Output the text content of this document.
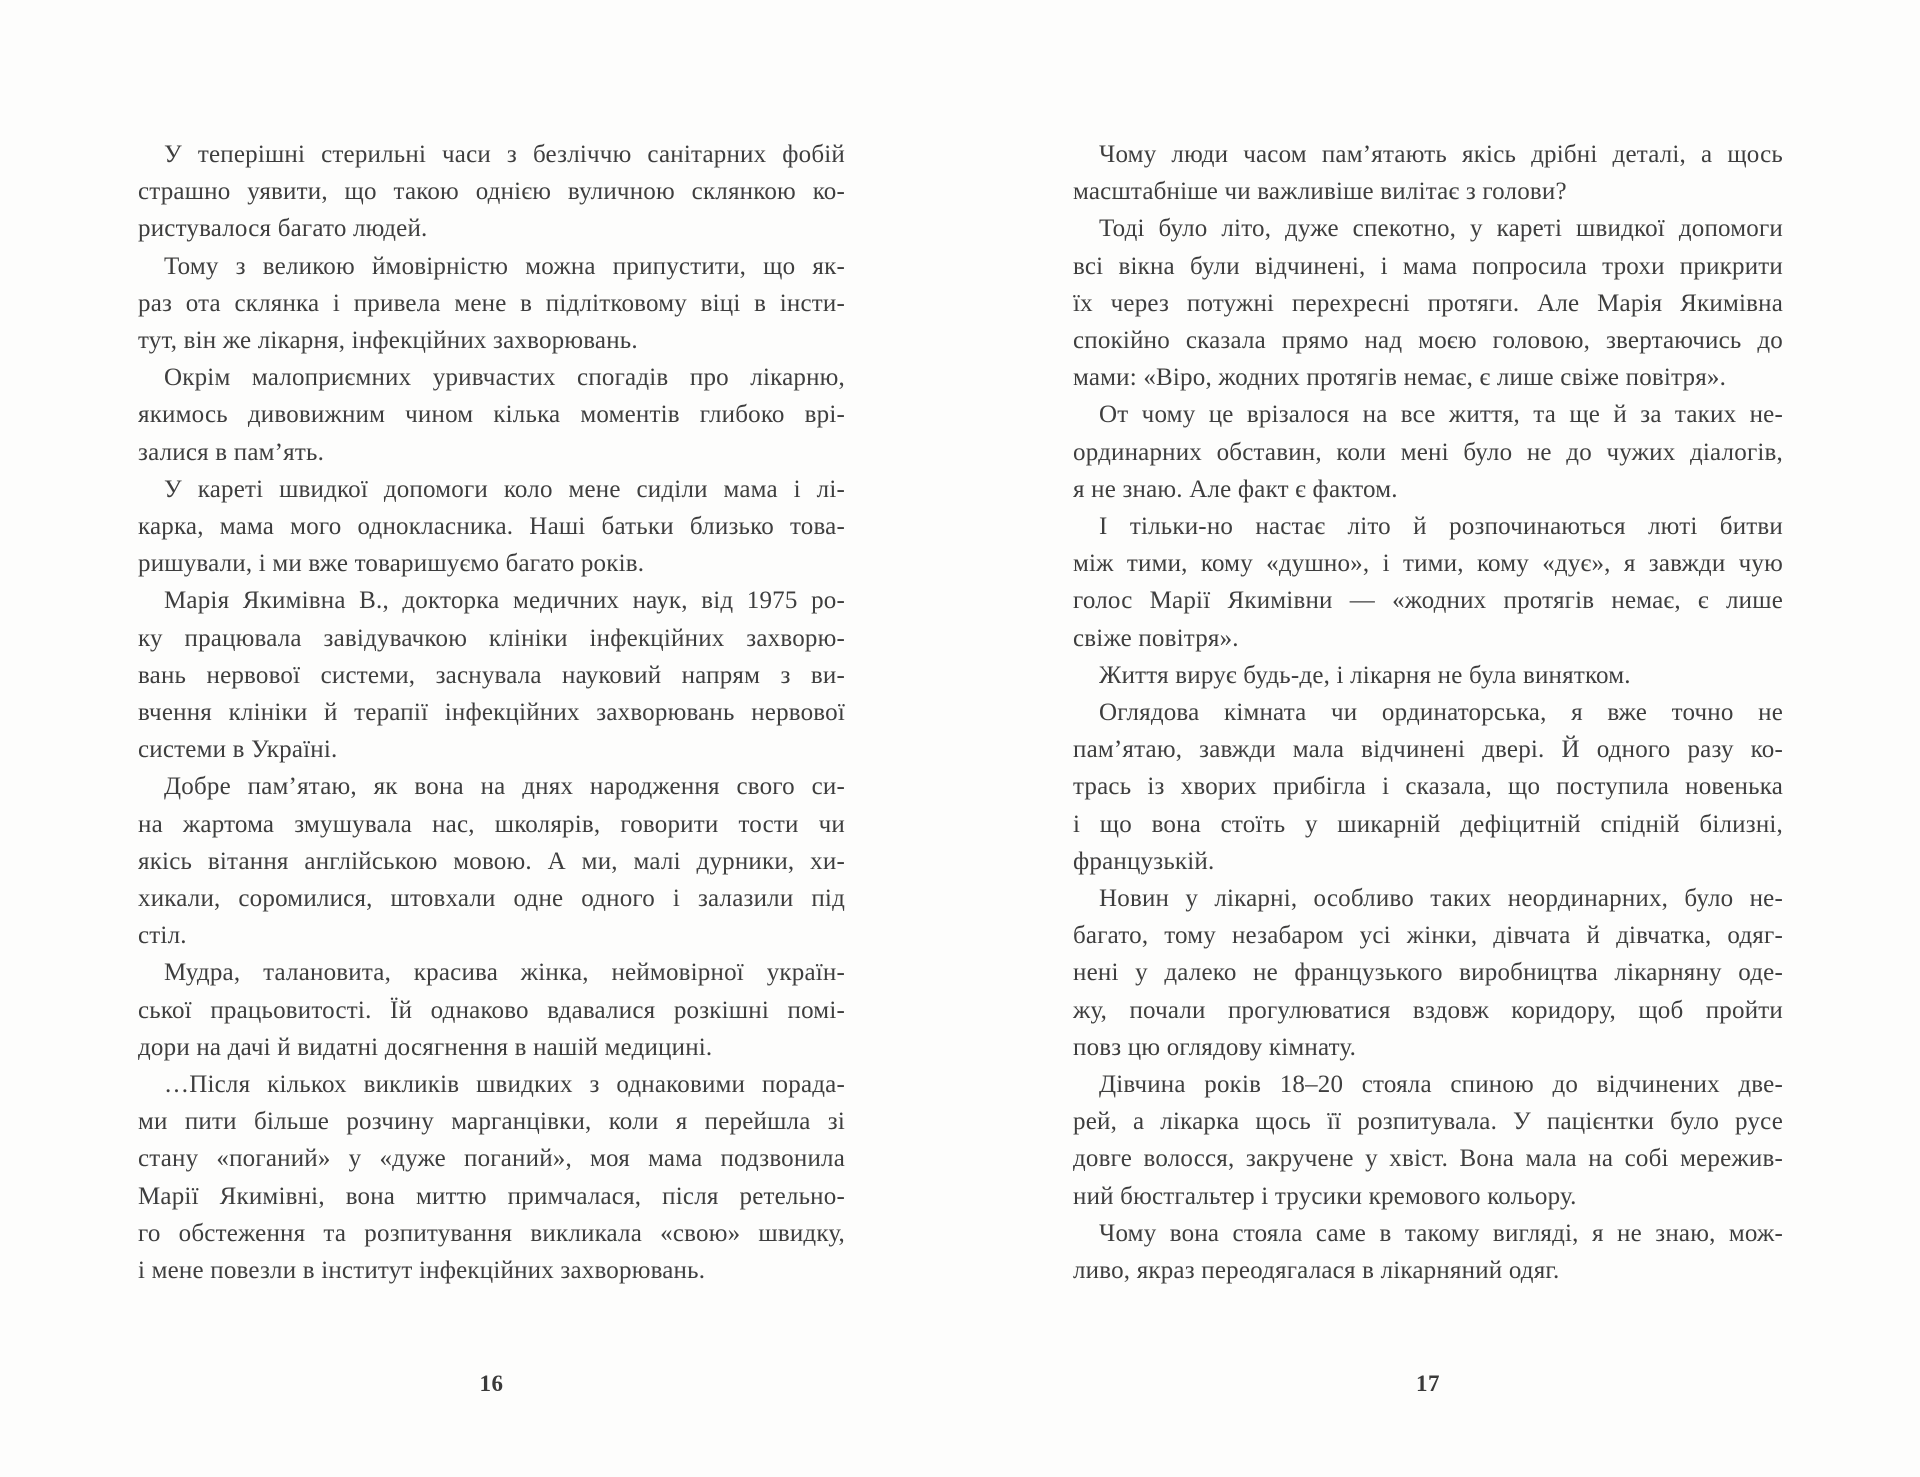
У теперішні стерильні часи з безліччю санітарних фобій
страшно уявити, що такою однією вуличною склянкою ко-
ристувалося багато людей.
Тому з великою ймовірністю можна припустити, що як-
раз ота склянка і привела мене в підлітковому віці в інсти-
тут, він же лікарня, інфекційних захворювань.
Окрім малоприємних уривчастих спогадів про лікарню,
якимось дивовижним чином кілька моментів глибоко врі-
залися в пам’ять.
У кареті швидкої допомоги коло мене сиділи мама і лі-
карка, мама мого однокласника. Наші батьки близько това-
ришували, і ми вже товаришуємо багато років.
Марія Якимівна В., докторка медичних наук, від 1975 ро-
ку працювала завідувачкою клініки інфекційних захворю-
вань нервової системи, заснувала науковий напрям з ви-
вчення клініки й терапії інфекційних захворювань нервової
системи в Україні.
Добре пам’ятаю, як вона на днях народження свого си-
на жартома змушувала нас, школярів, говорити тости чи
якісь вітання англійською мовою. А ми, малі дурники, хи-
хикали, соромилися, штовхали одне одного і залазили під
стіл.
Мудра, талановита, красива жінка, неймовірної україн-
ської працьовитості. Їй однаково вдавалися розкішні помі-
дори на дачі й видатні досягнення в нашій медицині.
…Після кількох викликів швидких з однаковими порада-
ми пити більше розчину марганцівки, коли я перейшла зі
стану «поганий» у «дуже поганий», моя мама подзвонила
Марії Якимівні, вона миттю примчалася, після ретельно-
го обстеження та розпитування викликала «свою» швидку,
і мене повезли в інститут інфекційних захворювань.
Чому люди часом пам’ятають якісь дрібні деталі, а щось
масштабніше чи важливіше вилітає з голови?
Тоді було літо, дуже спекотно, у кареті швидкої допомоги
всі вікна були відчинені, і мама попросила трохи прикрити
їх через потужні перехресні протяги. Але Марія Якимівна
спокійно сказала прямо над моєю головою, звертаючись до
мами: «Віро, жодних протягів немає, є лише свіже повітря».
От чому це врізалося на все життя, та ще й за таких не-
ординарних обставин, коли мені було не до чужих діалогів,
я не знаю. Але факт є фактом.
І тільки-но настає літо й розпочинаються люті битви
між тими, кому «душно», і тими, кому «дує», я завжди чую
голос Марії Якимівни — «жодних протягів немає, є лише
свіже повітря».
Життя вирує будь-де, і лікарня не була винятком.
Оглядова кімната чи ординаторська, я вже точно не
пам’ятаю, завжди мала відчинені двері. Й одного разу ко-
трась із хворих прибігла і сказала, що поступила новенька
і що вона стоїть у шикарній дефіцитній спідній білизні,
французькій.
Новин у лікарні, особливо таких неординарних, було не-
багато, тому незабаром усі жінки, дівчата й дівчатка, одяг-
нені у далеко не французького виробництва лікарняну оде-
жу, почали прогулюватися вздовж коридору, щоб пройти
повз цю оглядову кімнату.
Дівчина років 18–20 стояла спиною до відчинених две-
рей, а лікарка щось її розпитувала. У пацієнтки було русе
довге волосся, закручене у хвіст. Вона мала на собі мережив-
ний бюстгальтер і трусики кремового кольору.
Чому вона стояла саме в такому вигляді, я не знаю, мож-
ливо, якраз переодягалася в лікарняний одяг.
16	17
